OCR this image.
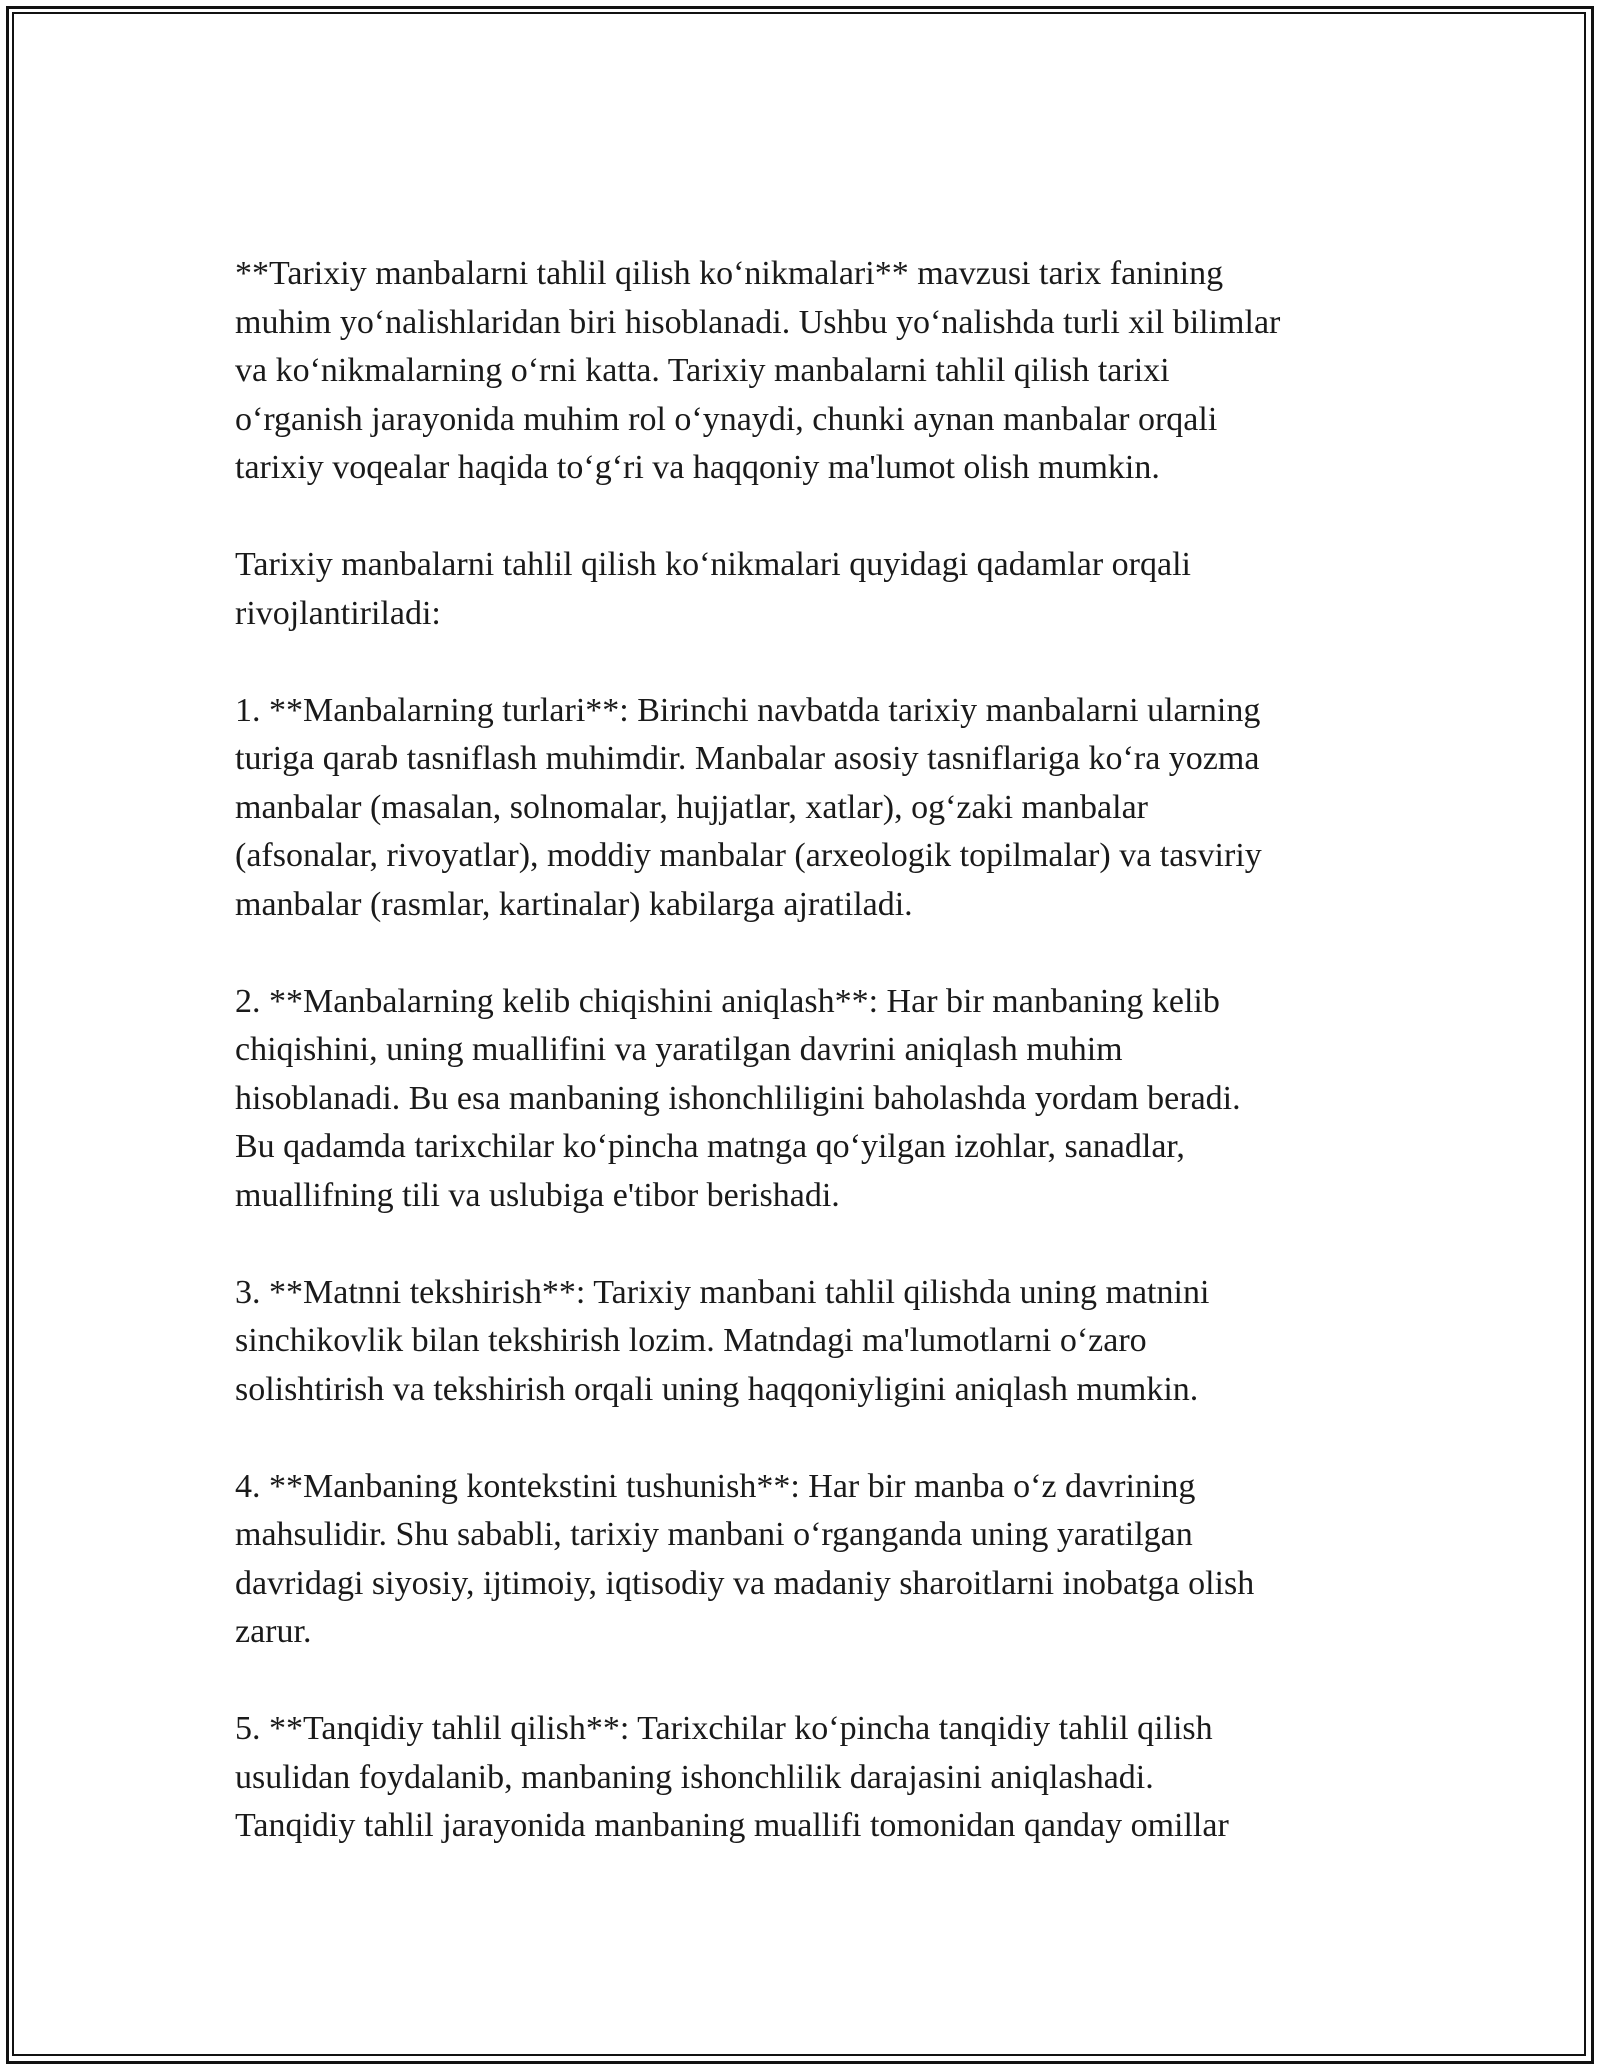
**Tarixiy manbalarni tahlil qilish ko‘nikmalari** mavzusi tarix fanining
muhim yo‘nalishlaridan biri hisoblanadi. Ushbu yo‘nalishda turli xil bilimlar
va ko‘nikmalarning o‘rni katta. Tarixiy manbalarni tahlil qilish tarixi
o‘rganish jarayonida muhim rol o‘ynaydi, chunki aynan manbalar orqali
tarixiy voqealar haqida to‘g‘ri va haqqoniy ma'lumot olish mumkin.

Tarixiy manbalarni tahlil qilish ko‘nikmalari quyidagi qadamlar orqali
rivojlantiriladi:

1. **Manbalarning turlari**: Birinchi navbatda tarixiy manbalarni ularning
turiga qarab tasniflash muhimdir. Manbalar asosiy tasniflariga ko‘ra yozma
manbalar (masalan, solnomalar, hujjatlar, xatlar), og‘zaki manbalar
(afsonalar, rivoyatlar), moddiy manbalar (arxeologik topilmalar) va tasviriy
manbalar (rasmlar, kartinalar) kabilarga ajratiladi.

2. **Manbalarning kelib chiqishini aniqlash**: Har bir manbaning kelib
chiqishini, uning muallifini va yaratilgan davrini aniqlash muhim
hisoblanadi. Bu esa manbaning ishonchliligini baholashda yordam beradi.
Bu qadamda tarixchilar ko‘pincha matnga qo‘yilgan izohlar, sanadlar,
muallifning tili va uslubiga e'tibor berishadi.

3. **Matnni tekshirish**: Tarixiy manbani tahlil qilishda uning matnini
sinchikovlik bilan tekshirish lozim. Matndagi ma'lumotlarni o‘zaro
solishtirish va tekshirish orqali uning haqqoniyligini aniqlash mumkin.

4. **Manbaning kontekstini tushunish**: Har bir manba o‘z davrining
mahsulidir. Shu sababli, tarixiy manbani o‘rganganda uning yaratilgan
davridagi siyosiy, ijtimoiy, iqtisodiy va madaniy sharoitlarni inobatga olish
zarur.

5. **Tanqidiy tahlil qilish**: Tarixchilar ko‘pincha tanqidiy tahlil qilish
usulidan foydalanib, manbaning ishonchlilik darajasini aniqlashadi.
Tanqidiy tahlil jarayonida manbaning muallifi tomonidan qanday omillar
